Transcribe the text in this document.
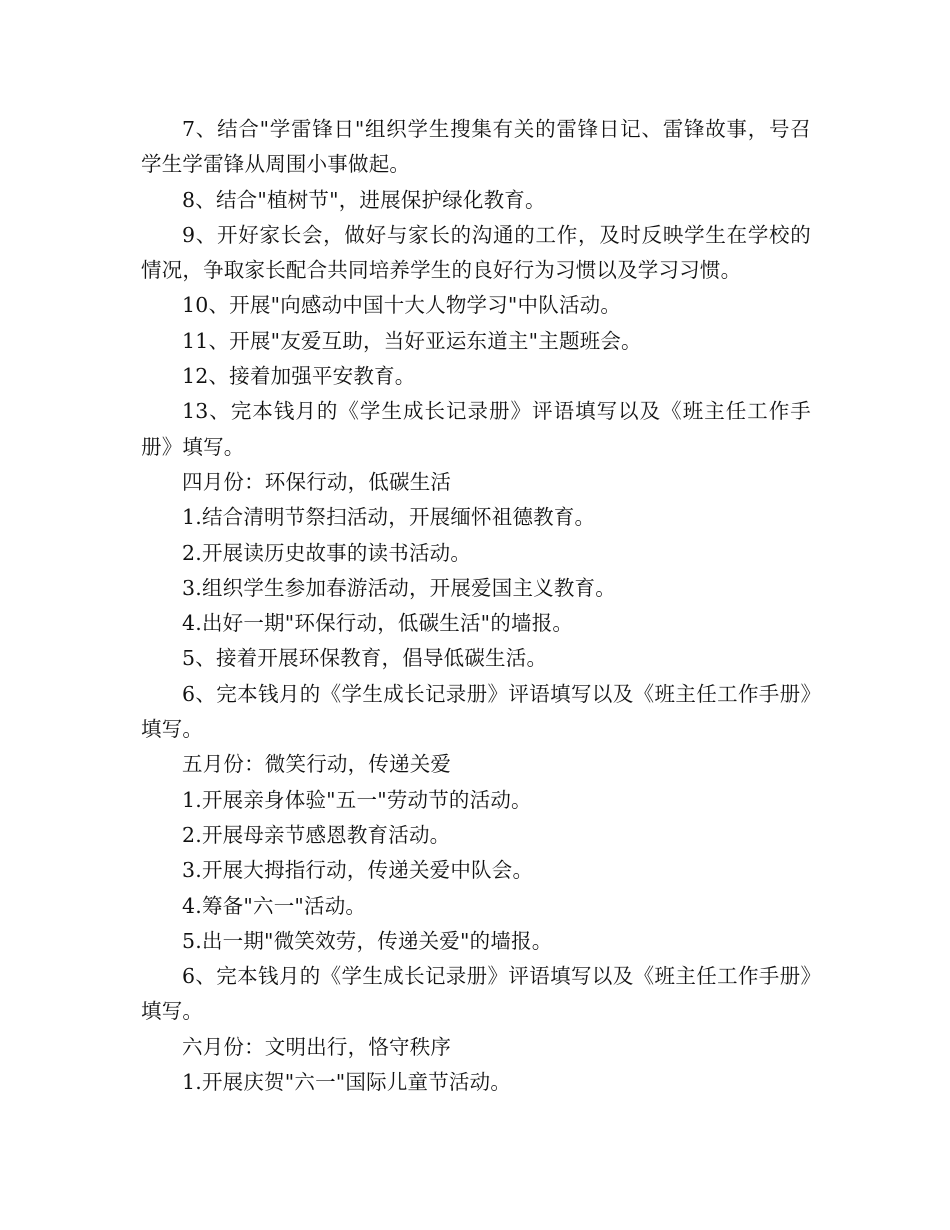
7、结合"学雷锋日"组织学生搜集有关的雷锋日记、雷锋故事，号召学生学雷锋从周围小事做起。

8、结合"植树节"，进展保护绿化教育。

9、开好家长会，做好与家长的沟通的工作，及时反映学生在学校的情况，争取家长配合共同培养学生的良好行为习惯以及学习习惯。

10、开展"向感动中国十大人物学习"中队活动。

11、开展"友爱互助，当好亚运东道主"主题班会。

12、接着加强平安教育。

13、完本钱月的《学生成长记录册》评语填写以及《班主任工作手册》填写。

四月份：环保行动，低碳生活

1.结合清明节祭扫活动，开展缅怀祖德教育。

2.开展读历史故事的读书活动。

3.组织学生参加春游活动，开展爱国主义教育。

4.出好一期"环保行动，低碳生活"的墙报。

5、接着开展环保教育，倡导低碳生活。

6、完本钱月的《学生成长记录册》评语填写以及《班主任工作手册》填写。

五月份：微笑行动，传递关爱

1.开展亲身体验"五一"劳动节的活动。

2.开展母亲节感恩教育活动。

3.开展大拇指行动，传递关爱中队会。

4.筹备"六一"活动。

5.出一期"微笑效劳，传递关爱"的墙报。

6、完本钱月的《学生成长记录册》评语填写以及《班主任工作手册》填写。

六月份：文明出行，恪守秩序

1.开展庆贺"六一"国际儿童节活动。
